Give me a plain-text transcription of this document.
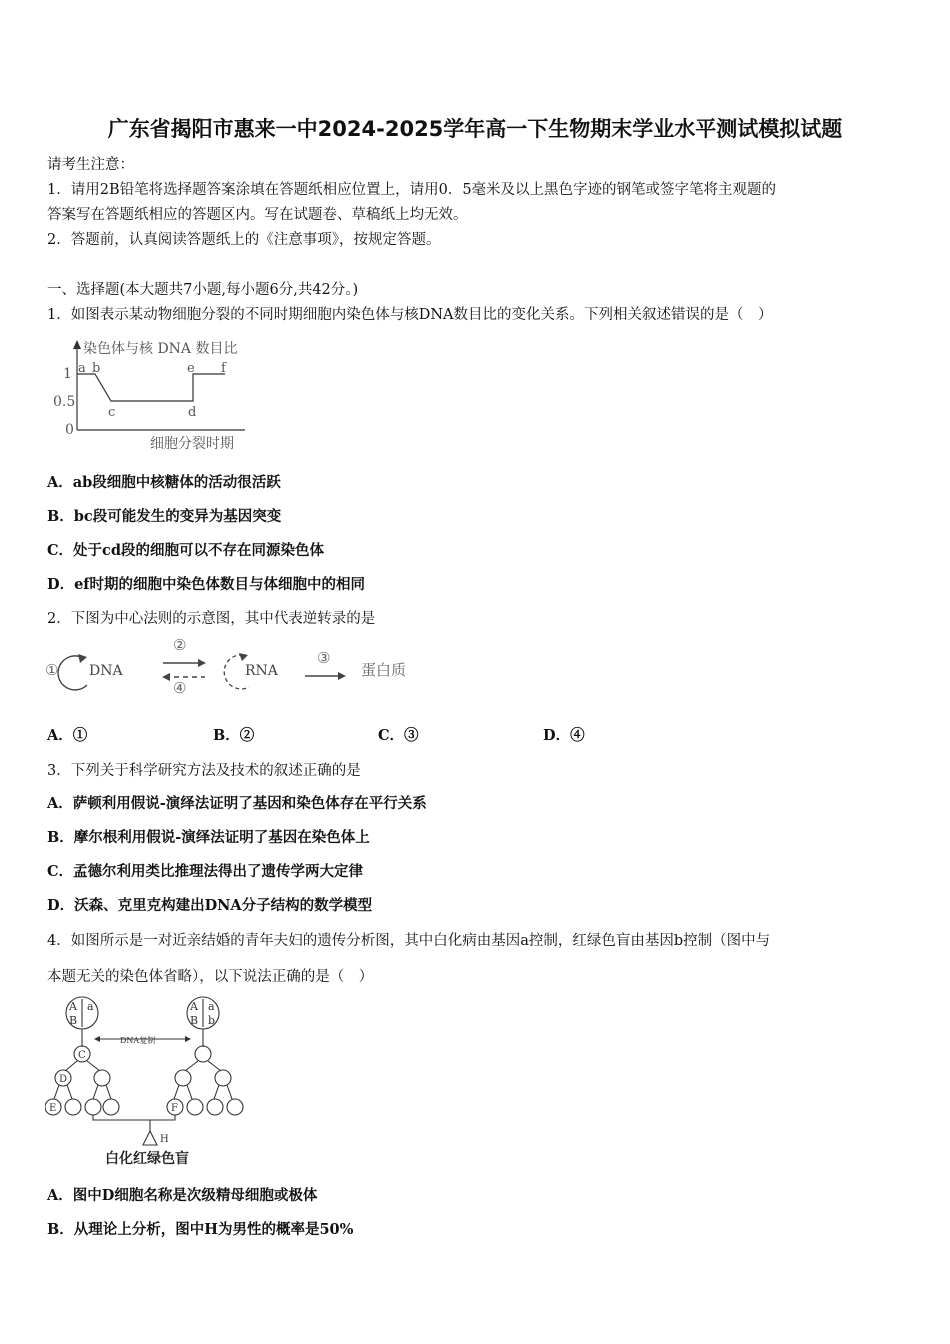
广东省揭阳市惠来一中2024-2025学年高一下生物期末学业水平测试模拟试题
请考生注意：
1．请用2B铅笔将选择题答案涂填在答题纸相应位置上，请用0．5毫米及以上黑色字迹的钢笔或签字笔将主观题的
答案写在答题纸相应的答题区内。写在试题卷、草稿纸上均无效。
2．答题前，认真阅读答题纸上的《注意事项》，按规定答题。
一、选择题(本大题共7小题,每小题6分,共42分。)
1．如图表示某动物细胞分裂的不同时期细胞内染色体与核DNA数目比的变化关系。下列相关叙述错误的是（　）
染色体与核 DNA 数目比
1
0.5
0
a b
c	d
e f
细胞分裂时期
A．ab段细胞中核糖体的活动很活跃
B．bc段可能发生的变异为基因突变
C．处于cd段的细胞可以不存在同源染色体
D．ef时期的细胞中染色体数目与体细胞中的相同
2．下图为中心法则的示意图，其中代表逆转录的是
① DNA
②
④
RNA
③
蛋白质
A．①	B．②	C．③	D．④
3．下列关于科学研究方法及技术的叙述正确的是
A．萨顿利用假说-演绎法证明了基因和染色体存在平行关系
B．摩尔根利用假说-演绎法证明了基因在染色体上
C．孟德尔利用类比推理法得出了遗传学两大定律
D．沃森、克里克构建出DNA分子结构的数学模型
4．如图所示是一对近亲结婚的青年夫妇的遗传分析图，其中白化病由基因a控制，红绿色盲由基因b控制（图中与
本题无关的染色体省略），以下说法正确的是（　）
A a
B
A a
B b
DNA复制
C
D
E	F
H
白化红绿色盲
A．图中D细胞名称是次级精母细胞或极体
B．从理论上分析，图中H为男性的概率是50%
